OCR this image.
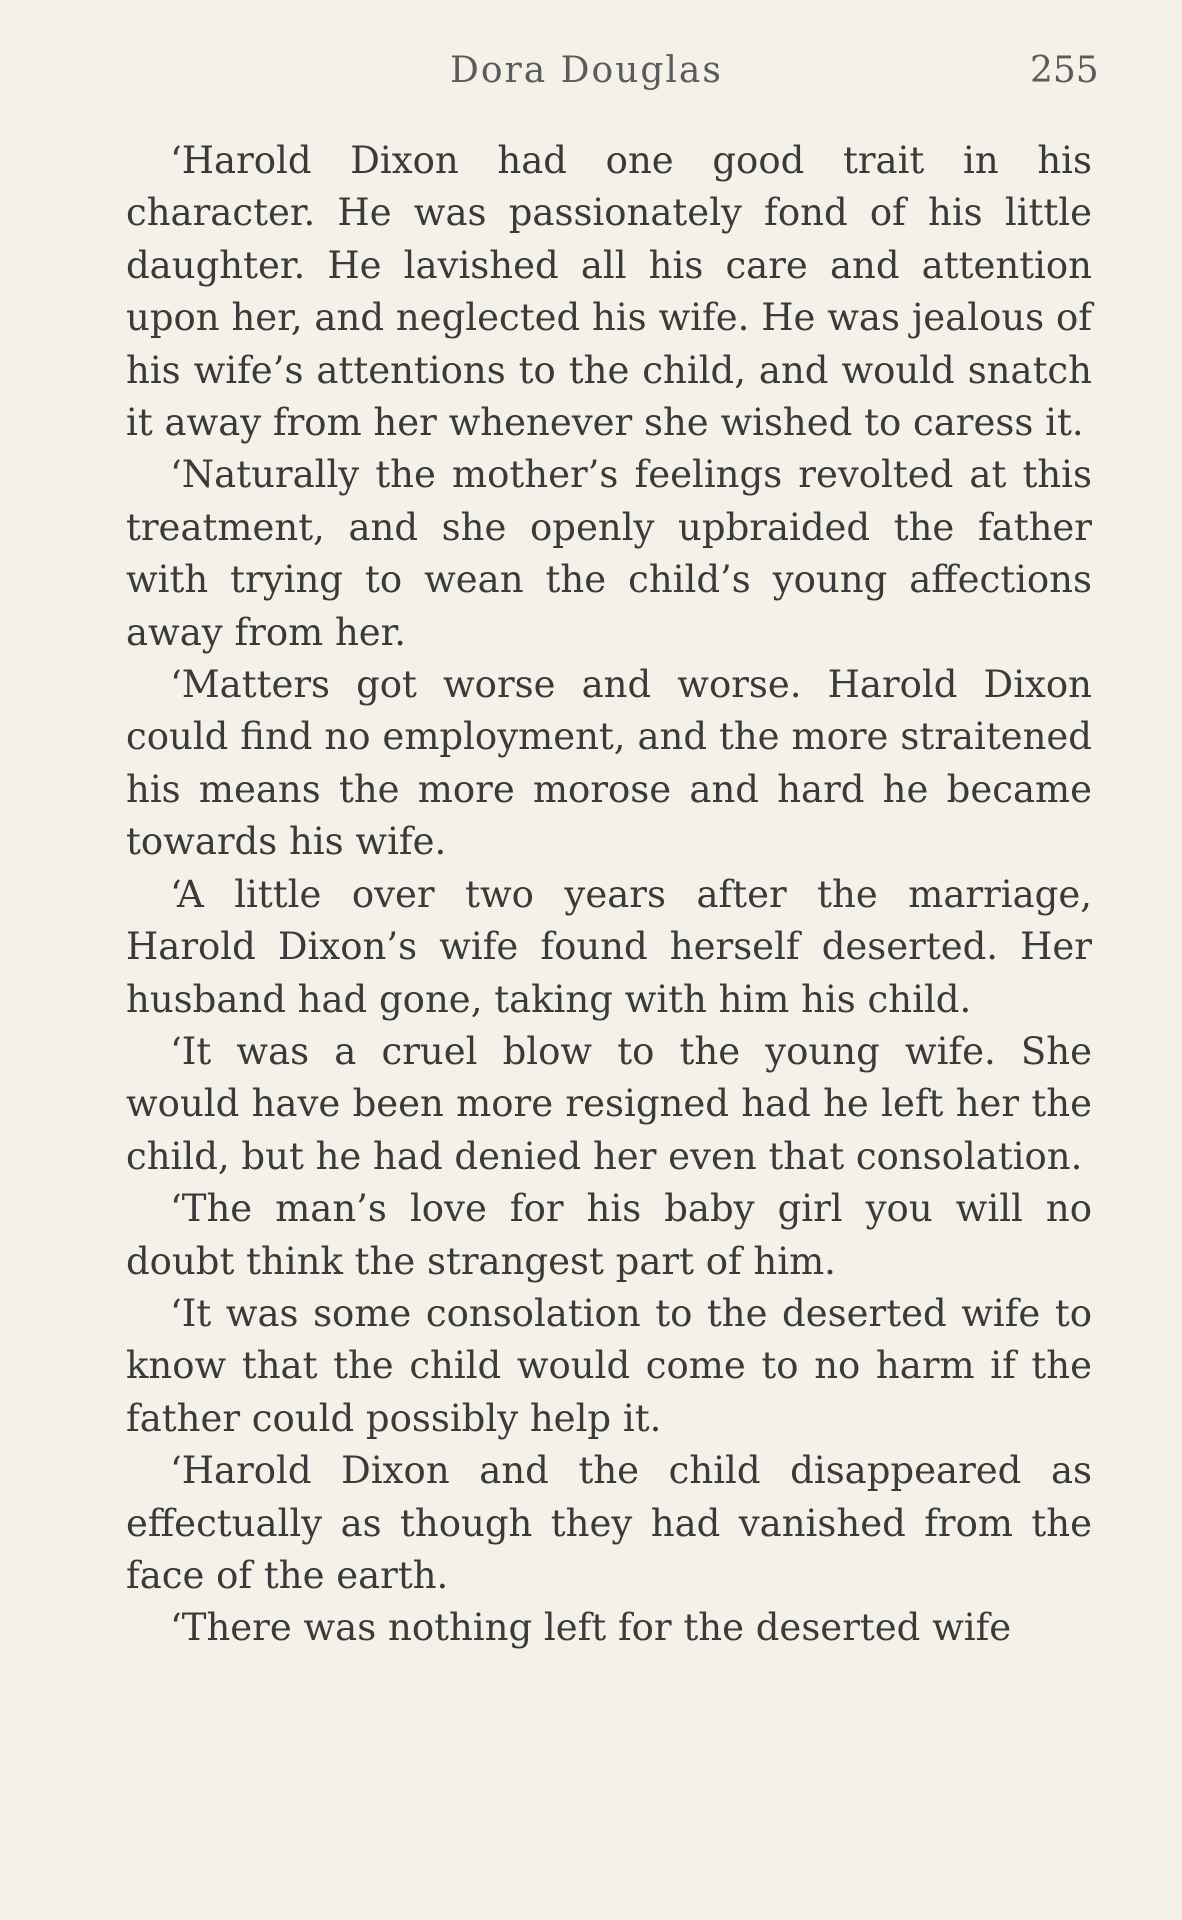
Dora Douglas	255

‘Harold Dixon had one good trait in his character. He was passionately fond of his little daughter. He lavished all his care and attention upon her, and neglected his wife. He was jealous of his wife’s attentions to the child, and would snatch it away from her whenever she wished to caress it.

‘Naturally the mother’s feelings revolted at this treatment, and she openly upbraided the father with trying to wean the child’s young affections away from her.

‘Matters got worse and worse. Harold Dixon could find no employment, and the more straitened his means the more morose and hard he became towards his wife.

‘A little over two years after the marriage, Harold Dixon’s wife found herself deserted. Her husband had gone, taking with him his child.

‘It was a cruel blow to the young wife. She would have been more resigned had he left her the child, but he had denied her even that consolation.

‘The man’s love for his baby girl you will no doubt think the strangest part of him.

‘It was some consolation to the deserted wife to know that the child would come to no harm if the father could possibly help it.

‘Harold Dixon and the child disappeared as effectually as though they had vanished from the face of the earth.

‘There was nothing left for the deserted wife
